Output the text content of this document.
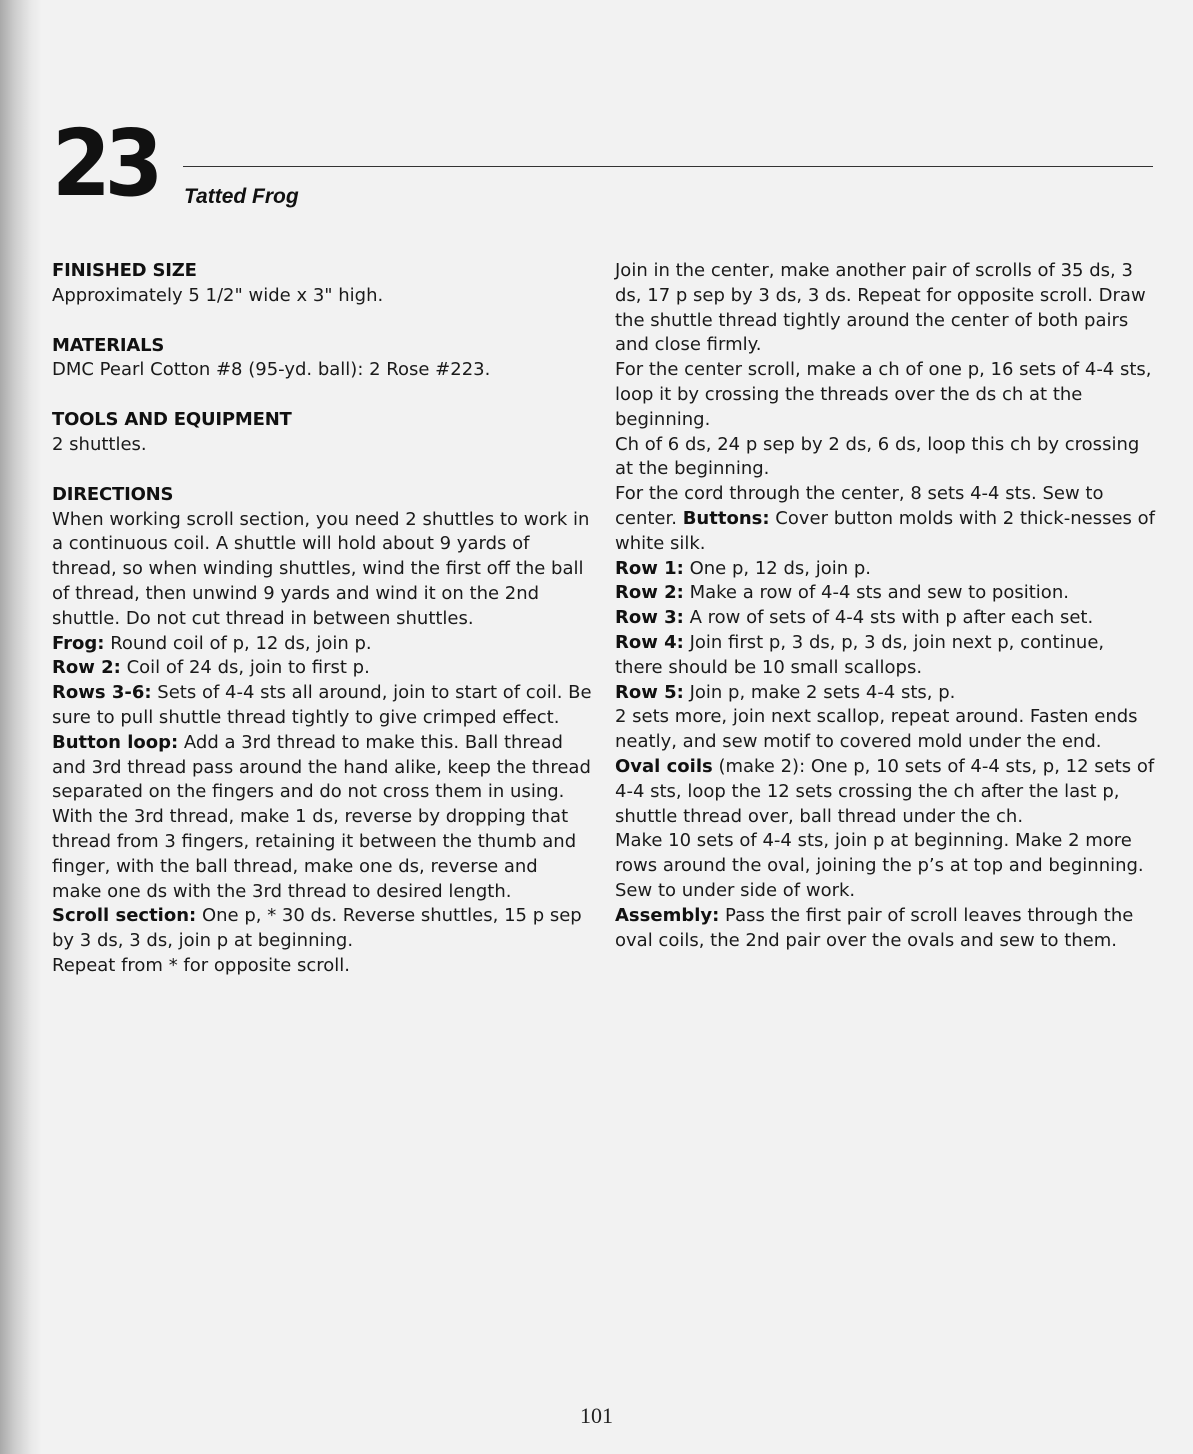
23 Tatted Frog
FINISHED SIZE

Approximately 5 1/2" wide x 3" high.

MATERIALS

DMC Pearl Cotton #8 (95-yd. ball): 2 Rose #223.

TOOLS AND EQUIPMENT

2 shuttles.

DIRECTIONS

When working scroll section, you need 2 shuttles to work in a continuous coil. A shuttle will hold about 9 yards of thread, so when winding shuttles, wind the first off the ball of thread, then unwind 9 yards and wind it on the 2nd shuttle. Do not cut thread in between shuttles.

Frog: Round coil of p, 12 ds, join p.

Row 2: Coil of 24 ds, join to first p.

Rows 3-6: Sets of 4-4 sts all around, join to start of coil. Be sure to pull shuttle thread tightly to give crimped effect.

Button loop: Add a 3rd thread to make this. Ball thread and 3rd thread pass around the hand alike, keep the thread separated on the fingers and do not cross them in using. With the 3rd thread, make 1 ds, reverse by dropping that thread from 3 fingers, retaining it between the thumb and finger, with the ball thread, make one ds, reverse and make one ds with the 3rd thread to desired length.

Scroll section: One p, * 30 ds. Reverse shuttles, 15 p sep by 3 ds, 3 ds, join p at beginning.

Repeat from * for opposite scroll.

Join in the center, make another pair of scrolls of 35 ds, 3 ds, 17 p sep by 3 ds, 3 ds. Repeat for opposite scroll. Draw the shuttle thread tightly around the center of both pairs and close firmly.

For the center scroll, make a ch of one p, 16 sets of 4-4 sts, loop it by crossing the threads over the ds ch at the beginning.

Ch of 6 ds, 24 p sep by 2 ds, 6 ds, loop this ch by crossing at the beginning.

For the cord through the center, 8 sets 4-4 sts. Sew to center. Buttons: Cover button molds with 2 thick-nesses of white silk.

Row 1: One p, 12 ds, join p.

Row 2: Make a row of 4-4 sts and sew to position.

Row 3: A row of sets of 4-4 sts with p after each set.

Row 4: Join first p, 3 ds, p, 3 ds, join next p, continue, there should be 10 small scallops.

Row 5: Join p, make 2 sets 4-4 sts, p.

2 sets more, join next scallop, repeat around. Fasten ends neatly, and sew motif to covered mold under the end.

Oval coils (make 2): One p, 10 sets of 4-4 sts, p, 12 sets of 4-4 sts, loop the 12 sets crossing the ch after the last p, shuttle thread over, ball thread under the ch.

Make 10 sets of 4-4 sts, join p at beginning. Make 2 more rows around the oval, joining the p’s at top and beginning. Sew to under side of work.

Assembly: Pass the first pair of scroll leaves through the oval coils, the 2nd pair over the ovals and sew to them.

101
